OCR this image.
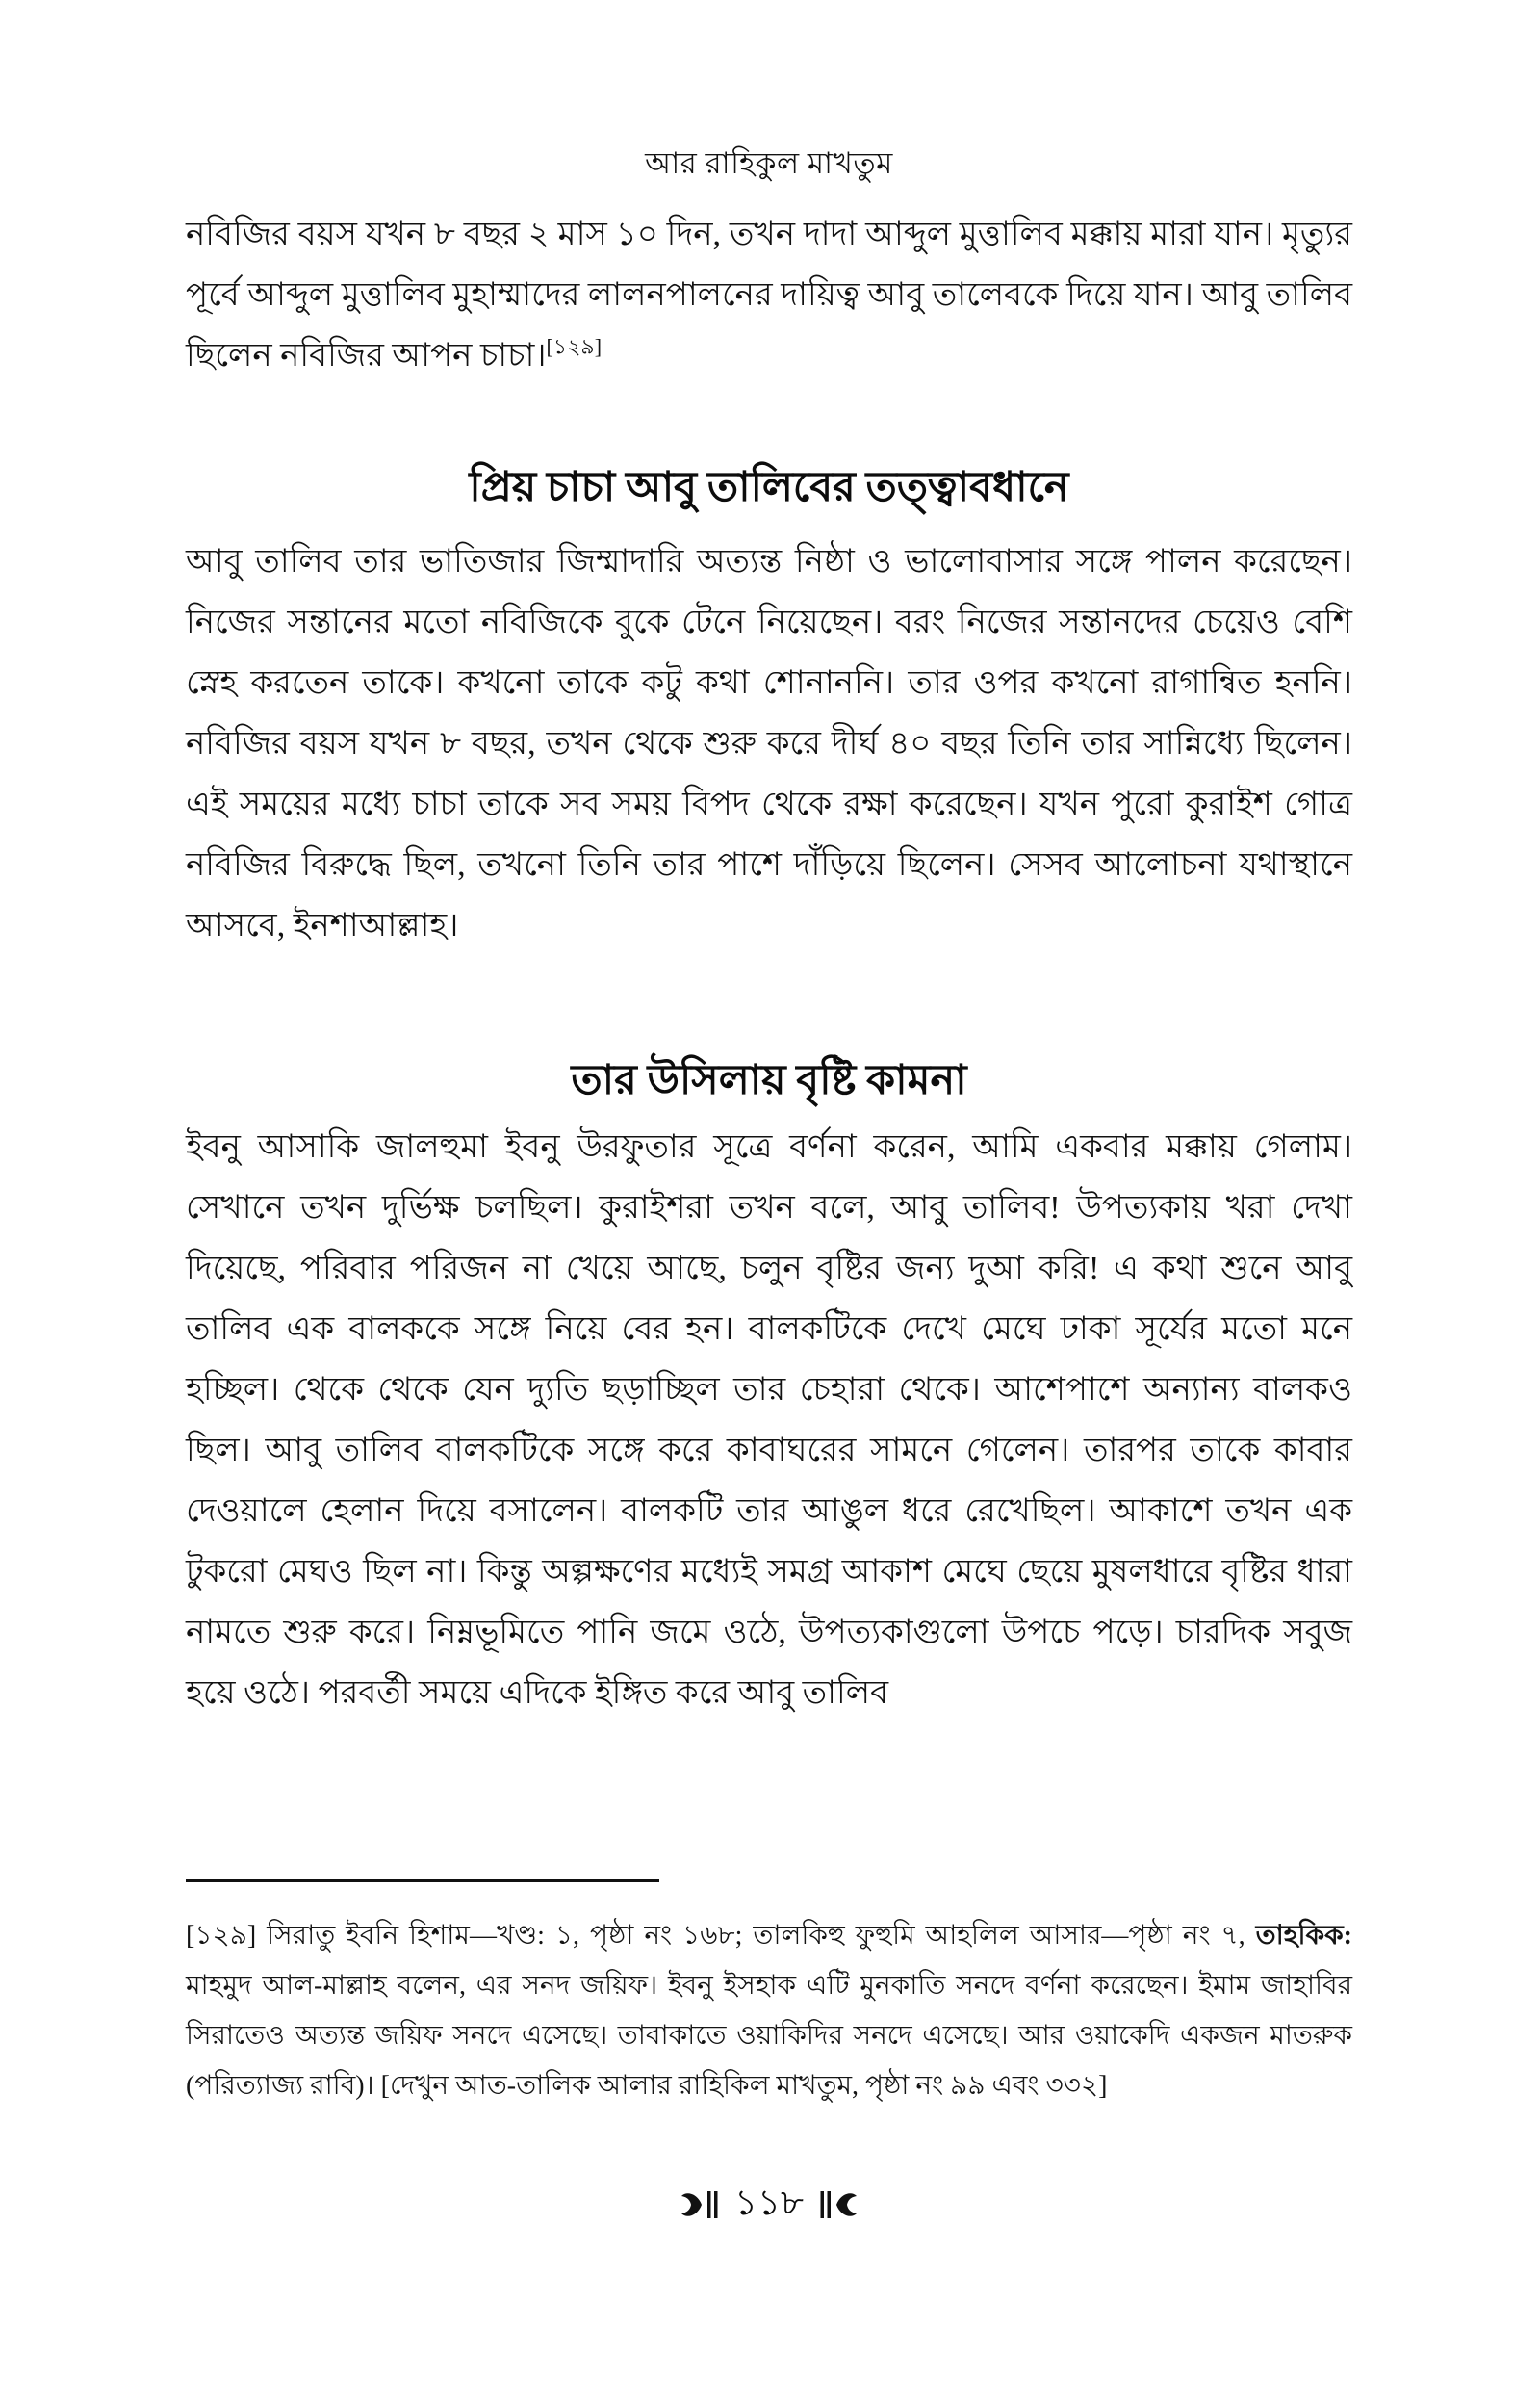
আর রাহিকুল মাখতুম

নবিজির বয়স যখন ৮ বছর ২ মাস ১০ দিন, তখন দাদা আব্দুল মুত্তালিব মক্কায় মারা যান। মৃত্যুর পূর্বে আব্দুল মুত্তালিব মুহাম্মাদের লালনপালনের দায়িত্ব আবু তালেবকে দিয়ে যান। আবু তালিব ছিলেন নবিজির আপন চাচা।[১২৯]

প্রিয় চাচা আবু তালিবের তত্ত্বাবধানে

আবু তালিব তার ভাতিজার জিম্মাদারি অত্যন্ত নিষ্ঠা ও ভালোবাসার সঙ্গে পালন করেছেন। নিজের সন্তানের মতো নবিজিকে বুকে টেনে নিয়েছেন। বরং নিজের সন্তানদের চেয়েও বেশি স্নেহ করতেন তাকে। কখনো তাকে কটু কথা শোনাননি। তার ওপর কখনো রাগান্বিত হননি। নবিজির বয়স যখন ৮ বছর, তখন থেকে শুরু করে দীর্ঘ ৪০ বছর তিনি তার সান্নিধ্যে ছিলেন। এই সময়ের মধ্যে চাচা তাকে সব সময় বিপদ থেকে রক্ষা করেছেন। যখন পুরো কুরাইশ গোত্র নবিজির বিরুদ্ধে ছিল, তখনো তিনি তার পাশে দাঁড়িয়ে ছিলেন। সেসব আলোচনা যথাস্থানে আসবে, ইনশাআল্লাহ।

তার উসিলায় বৃষ্টি কামনা

ইবনু আসাকি জালহুমা ইবনু উরফুতার সূত্রে বর্ণনা করেন, আমি একবার মক্কায় গেলাম। সেখানে তখন দুর্ভিক্ষ চলছিল। কুরাইশরা তখন বলে, আবু তালিব! উপত্যকায় খরা দেখা দিয়েছে, পরিবার পরিজন না খেয়ে আছে, চলুন বৃষ্টির জন্য দুআ করি! এ কথা শুনে আবু তালিব এক বালককে সঙ্গে নিয়ে বের হন। বালকটিকে দেখে মেঘে ঢাকা সূর্যের মতো মনে হচ্ছিল। থেকে থেকে যেন দ্যুতি ছড়াচ্ছিল তার চেহারা থেকে। আশেপাশে অন্যান্য বালকও ছিল। আবু তালিব বালকটিকে সঙ্গে করে কাবাঘরের সামনে গেলেন। তারপর তাকে কাবার দেওয়ালে হেলান দিয়ে বসালেন। বালকটি তার আঙুল ধরে রেখেছিল। আকাশে তখন এক টুকরো মেঘও ছিল না। কিন্তু অল্পক্ষণের মধ্যেই সমগ্র আকাশ মেঘে ছেয়ে মুষলধারে বৃষ্টির ধারা নামতে শুরু করে। নিম্নভূমিতে পানি জমে ওঠে, উপত্যকাগুলো উপচে পড়ে। চারদিক সবুজ হয়ে ওঠে। পরবর্তী সময়ে এদিকে ইঙ্গিত করে আবু তালিব

[১২৯] সিরাতু ইবনি হিশাম—খণ্ড: ১, পৃষ্ঠা নং ১৬৮; তালকিহু ফুহুমি আহলিল আসার—পৃষ্ঠা নং ৭, তাহকিক: মাহমুদ আল-মাল্লাহ বলেন, এর সনদ জয়িফ। ইবনু ইসহাক এটি মুনকাতি সনদে বর্ণনা করেছেন। ইমাম জাহাবির সিরাতেও অত্যন্ত জয়িফ সনদে এসেছে। তাবাকাতে ওয়াকিদির সনদে এসেছে। আর ওয়াকেদি একজন মাতরুক (পরিত্যাজ্য রাবি)। [দেখুন আত-তালিক আলার রাহিকিল মাখতুম, পৃষ্ঠা নং ৯৯ এবং ৩৩২]

১১৮
